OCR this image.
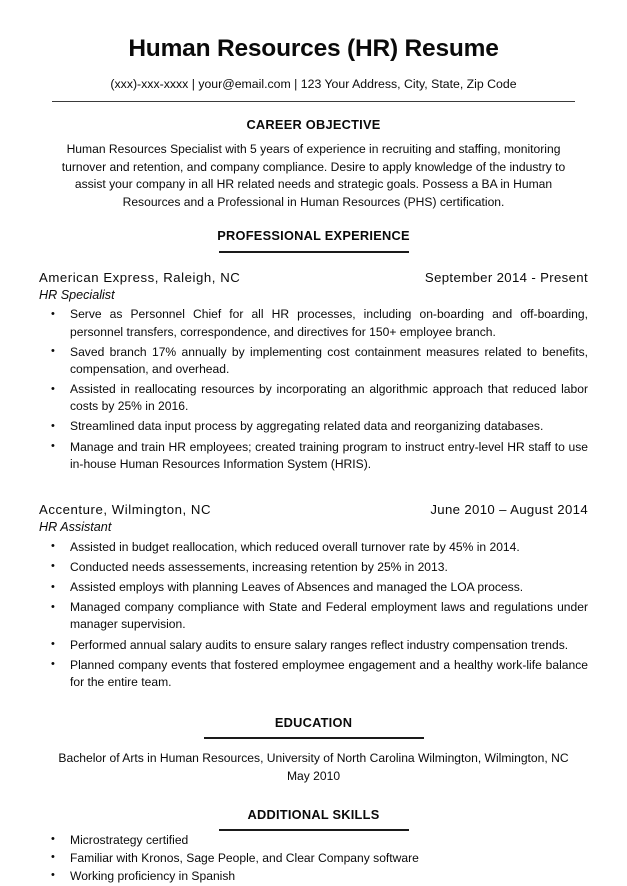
Human Resources (HR) Resume
(xxx)-xxx-xxxx | your@email.com | 123 Your Address, City, State, Zip Code
CAREER OBJECTIVE
Human Resources Specialist with 5 years of experience in recruiting and staffing, monitoring turnover and retention, and company compliance. Desire to apply knowledge of the industry to assist your company in all HR related needs and strategic goals. Possess a BA in Human Resources and a Professional in Human Resources (PHS) certification.
PROFESSIONAL EXPERIENCE
American Express, Raleigh, NC	September 2014 - Present
HR Specialist
• Serve as Personnel Chief for all HR processes, including on-boarding and off-boarding, personnel transfers, correspondence, and directives for 150+ employee branch.
• Saved branch 17% annually by implementing cost containment measures related to benefits, compensation, and overhead.
• Assisted in reallocating resources by incorporating an algorithmic approach that reduced labor costs by 25% in 2016.
• Streamlined data input process by aggregating related data and reorganizing databases.
• Manage and train HR employees; created training program to instruct entry-level HR staff to use in-house Human Resources Information System (HRIS).
Accenture, Wilmington, NC	June 2010 – August 2014
HR Assistant
• Assisted in budget reallocation, which reduced overall turnover rate by 45% in 2014.
• Conducted needs assessements, increasing retention by 25% in 2013.
• Assisted employs with planning Leaves of Absences and managed the LOA process.
• Managed company compliance with State and Federal employment laws and regulations under manager supervision.
• Performed annual salary audits to ensure salary ranges reflect industry compensation trends.
• Planned company events that fostered employmee engagement and a healthy work-life balance for the entire team.
EDUCATION
Bachelor of Arts in Human Resources, University of North Carolina Wilmington, Wilmington, NC
May 2010
ADDITIONAL SKILLS
• Microstrategy certified
• Familiar with Kronos, Sage People, and Clear Company software
• Working proficiency in Spanish
